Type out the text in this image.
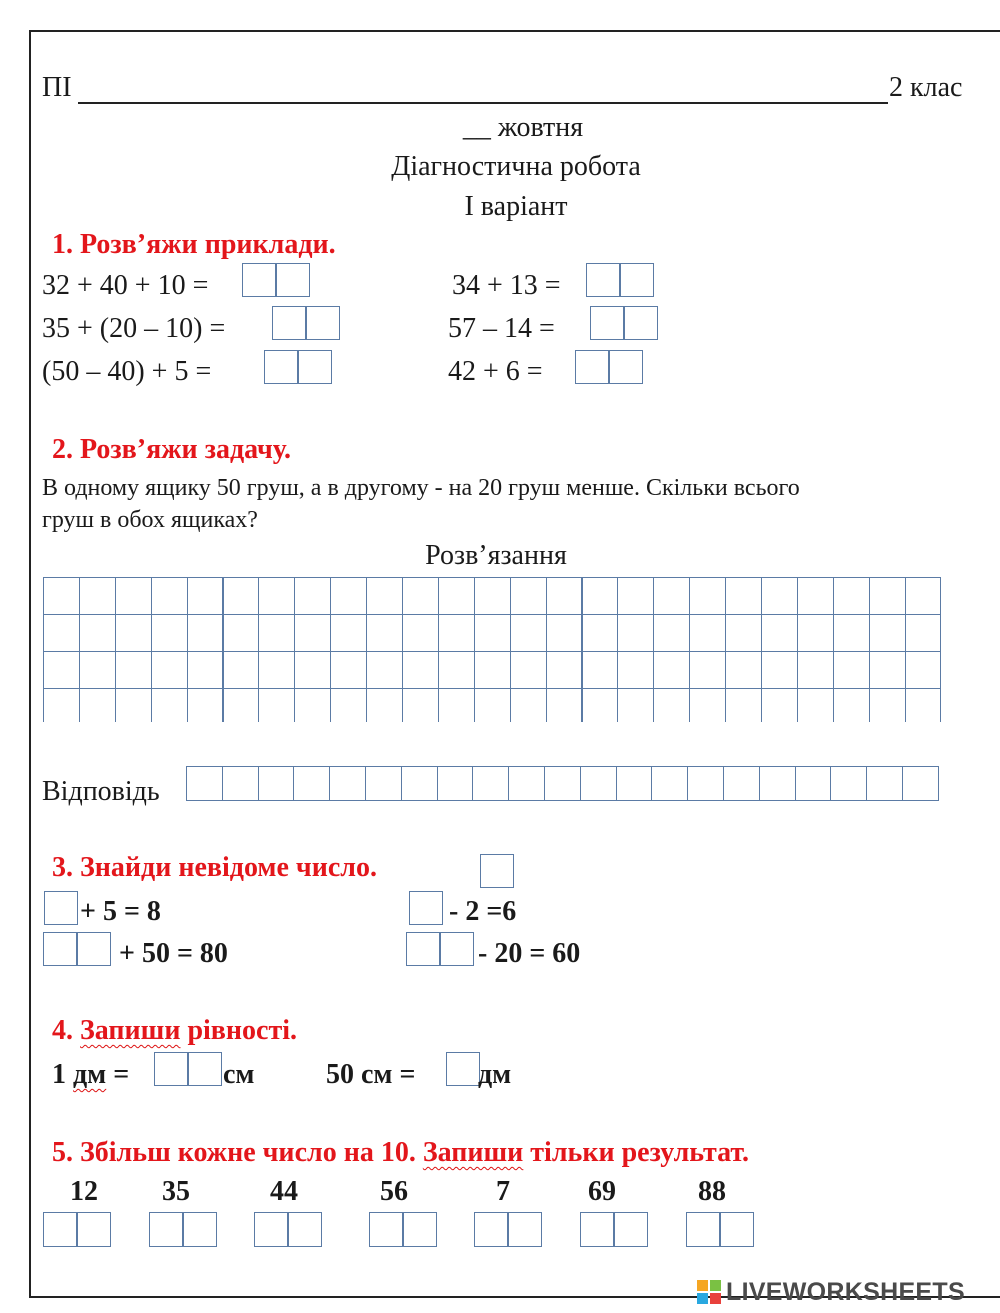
ПІ	2 клас
__ жовтня
Діагностична робота
І варіант
1. Розв’яжи приклади.
32 + 40 + 10 =	34 + 13 =
35 + (20 – 10) =	57 – 14 =
(50 – 40) + 5 =	42 + 6 =
2. Розв’яжи задачу.
В одному ящику 50 груш, а в другому - на 20 груш менше. Скільки всього
груш в обох ящиках?
Розв’язання
Відповідь
3. Знайди невідоме число.
+ 5 = 8	- 2 =6
+ 50 = 80	- 20 = 60
4. Запиши рівності.
1 дм =	см	50 см = дм
5. Збільш кожне число на 10. Запиши тільки результат.
LIVEWORKSHEETS
12 35	44	56	7	69	88
